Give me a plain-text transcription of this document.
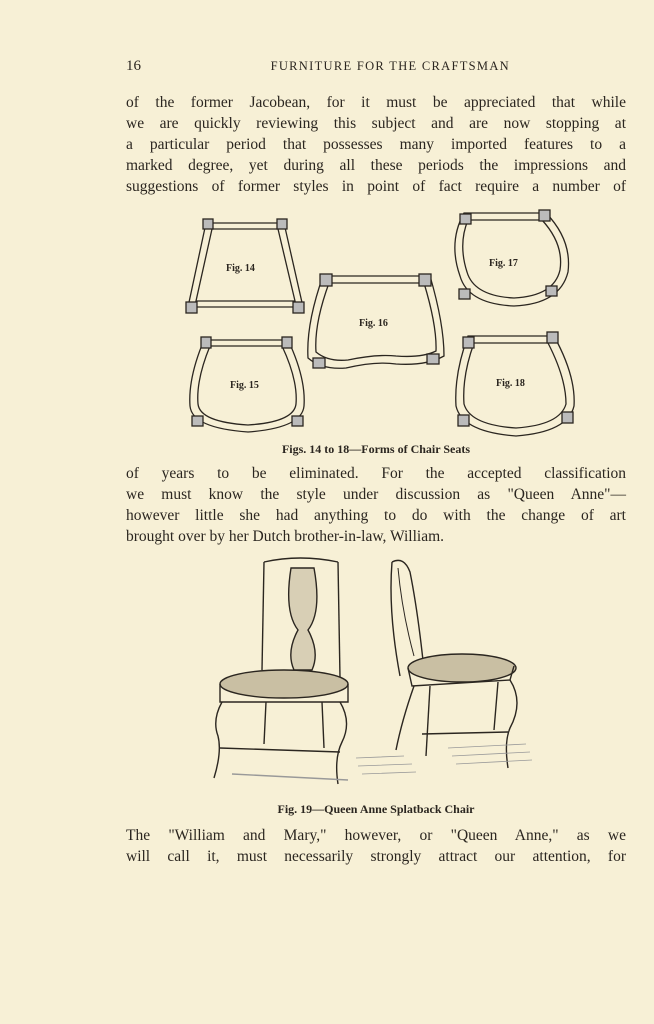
16	FURNITURE FOR THE CRAFTSMAN
of the former Jacobean, for it must be appreciated that while
we are quickly reviewing this subject and are now stopping at
a particular period that possesses many imported features to a
marked degree, yet during all these periods the impressions and
suggestions of former styles in point of fact require a number of
Fig. 14
Fig. 15
Fig. 16
Fig. 17
Fig. 18
Figs. 14 to 18—Forms of Chair Seats
of years to be eliminated. For the accepted classification
we must know the style under discussion as "Queen Anne"—
however little she had anything to do with the change of art
brought over by her Dutch brother-in-law, William.
Fig. 19—Queen Anne Splatback Chair
The "William and Mary," however, or "Queen Anne," as we
will call it, must necessarily strongly attract our attention, for
